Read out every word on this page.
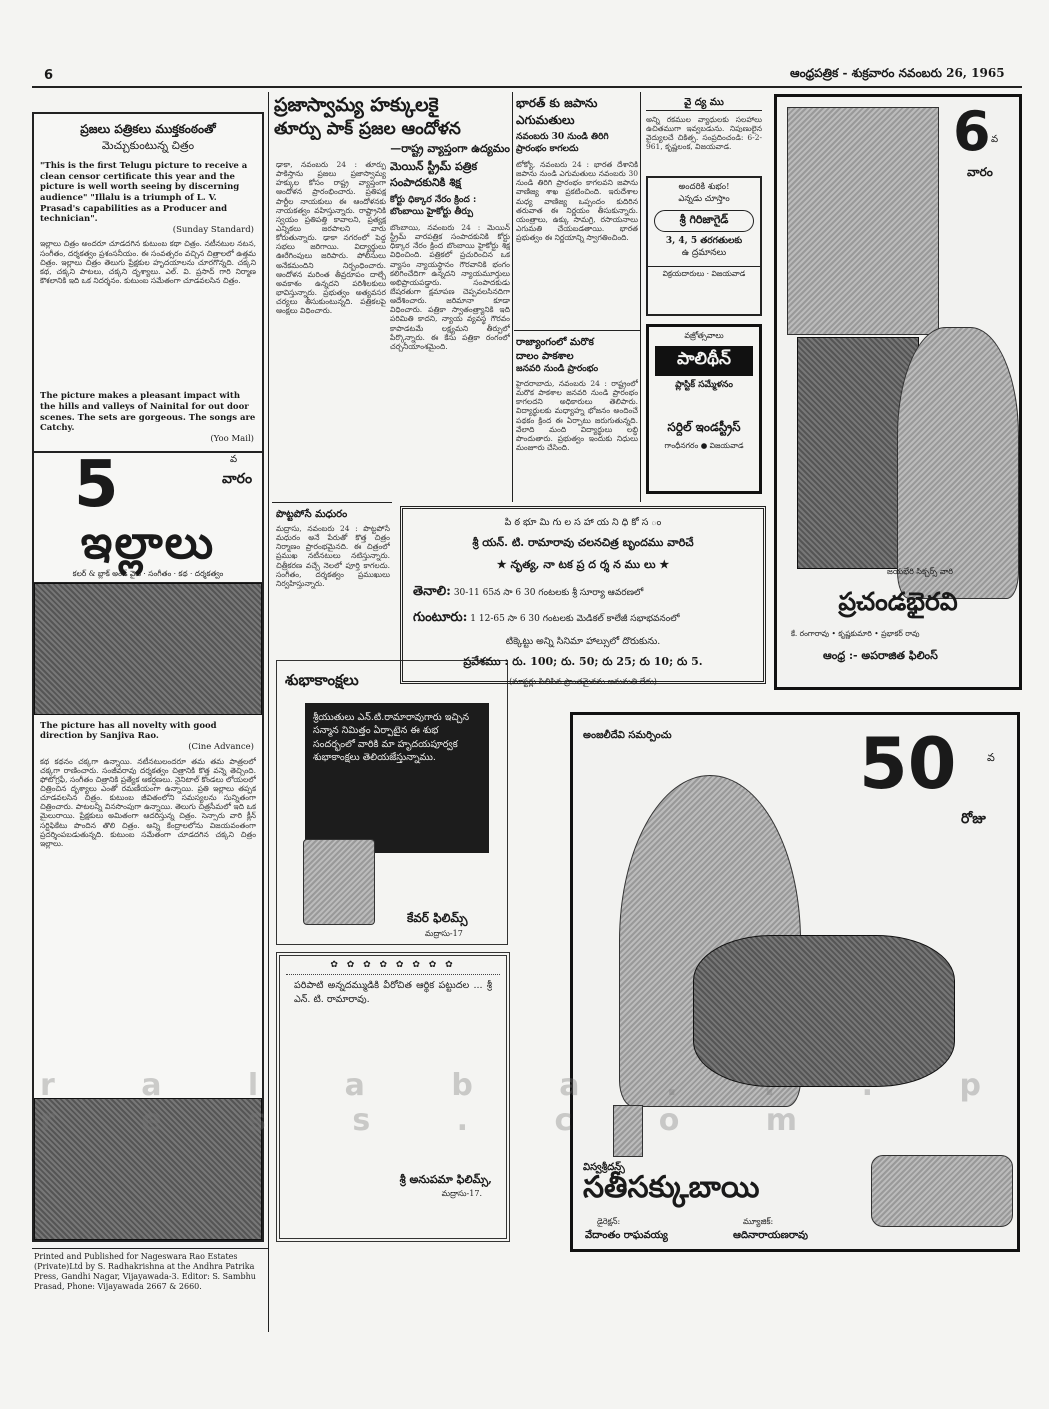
6	ఆంధ్రపత్రిక - శుక్రవారం నవంబరు 26, 1965
ప్రజలు పత్రికలు ముక్తకంఠంతో
మెచ్చుకుంటున్న చిత్రం
"This is the first Telugu picture to receive a clean censor certificate this year and the picture is well worth seeing by discerning audience" "Illalu is a triumph of L. V. Prasad's capabilities as a Producer and technician".
(Sunday Standard)
ఇల్లాలు చిత్రం అందరూ చూడదగిన కుటుంబ కథా చిత్రం. నటీనటుల నటన, సంగీతం, దర్శకత్వం ప్రశంసనీయం. ఈ సంవత్సరం వచ్చిన చిత్రాలలో ఉత్తమ చిత్రం. ఇల్లాలు చిత్రం తెలుగు ప్రేక్షకుల హృదయాలను చూరగొన్నది. చక్కని కథ, చక్కని పాటలు, చక్కని దృశ్యాలు. ఎల్. వి. ప్రసాద్ గారి నిర్మాణ కౌశలానికి ఇది ఒక నిదర్శనం. కుటుంబ సమేతంగా చూడవలసిన చిత్రం.
The picture makes a pleasant impact with the hills and valleys of Nainital for out door scenes. The sets are gorgeous. The songs are Catchy.
(Yoo Mail)
5	వ
వారం
ఇల్లాలు
కలర్ & బ్లాక్ అండ్ వైట్ · సంగీతం · కథ · దర్శకత్వం
The picture has all novelty with good direction by Sanjiva Rao.
(Cine Advance)
కథ కథనం చక్కగా ఉన్నాయి. నటీనటులందరూ తమ తమ పాత్రలలో చక్కగా రాణించారు. సంజీవరావు దర్శకత్వం చిత్రానికి కొత్త వన్నె తెచ్చింది. ఫోటోగ్రఫీ, సంగీతం చిత్రానికి ప్రత్యేక ఆకర్షణలు. నైనిటాల్ కొండలు లోయలలో చిత్రించిన దృశ్యాలు ఎంతో రమణీయంగా ఉన్నాయి. ప్రతి ఇల్లాలు తప్పక చూడవలసిన చిత్రం. కుటుంబ జీవితంలోని సమస్యలను సున్నితంగా చిత్రించారు. పాటలన్నీ వినసొంపుగా ఉన్నాయి. తెలుగు చిత్రసీమలో ఇది ఒక మైలురాయి. ప్రేక్షకులు అమితంగా ఆదరిస్తున్న చిత్రం. సెన్సారు వారి క్లీన్ సర్టిఫికేటు పొందిన తొలి చిత్రం. అన్ని కేంద్రాలలోను విజయవంతంగా ప్రదర్శింపబడుతున్నది. కుటుంబ సమేతంగా చూడదగిన చక్కని చిత్రం ఇల్లాలు.
Printed and Published for Nageswara Rao Estates (Private)Ltd by S. Radhakrishna at the Andhra Patrika Press, Gandhi Nagar, Vijayawada-3. Editor: S. Sambhu Prasad, Phone: Vijayawada 2667 & 2660.
ప్రజాస్వామ్య హక్కులకై
తూర్పు పాక్ ప్రజల ఆందోళన
—రాష్ట్ర వ్యాప్తంగా ఉద్యమం
ఢాకా, నవంబరు 24 : తూర్పు పాకిస్తాను ప్రజలు ప్రజాస్వామ్య హక్కుల కోసం రాష్ట్ర వ్యాప్తంగా ఆందోళన ప్రారంభించారు. ప్రతిపక్ష పార్టీల నాయకులు ఈ ఆందోళనకు నాయకత్వం వహిస్తున్నారు. రాష్ట్రానికి స్వయం ప్రతిపత్తి కావాలని, ప్రత్యక్ష ఎన్నికలు జరపాలని వారు కోరుతున్నారు. ఢాకా నగరంలో పెద్ద సభలు జరిగాయి. విద్యార్థులు ఊరేగింపులు జరిపారు. పోలీసులు అనేకమందిని నిర్బంధించారు. ఆందోళన మరింత తీవ్రరూపం దాల్చే అవకాశం ఉన్నదని పరిశీలకులు భావిస్తున్నారు. ప్రభుత్వం అత్యవసర చర్యలు తీసుకుంటున్నది. పత్రికలపై ఆంక్షలు విధించారు.
మెయిన్ స్ట్రీమ్ పత్రిక
సంపాదకునికి శిక్ష
కోర్టు ధిక్కార నేరం క్రింద :
బొంబాయి హైకోర్టు తీర్పు
బొంబాయి, నవంబరు 24 : మెయిన్ స్ట్రీమ్ వారపత్రిక సంపాదకునికి కోర్టు ధిక్కార నేరం క్రింద బొంబాయి హైకోర్టు శిక్ష విధించింది. పత్రికలో ప్రచురించిన ఒక వ్యాసం న్యాయస్థానం గౌరవానికి భంగం కలిగించేదిగా ఉన్నదని న్యాయమూర్తులు అభిప్రాయపడ్డారు. సంపాదకుడు బేషరతుగా క్షమాపణ చెప్పవలసినదిగా ఆదేశించారు. జరిమానా కూడా విధించారు. పత్రికా స్వాతంత్ర్యానికి ఇది పరిమితి కాదని, న్యాయ వ్యవస్థ గౌరవం కాపాడటమే లక్ష్యమని తీర్పులో పేర్కొన్నారు. ఈ కేసు పత్రికా రంగంలో చర్చనీయాంశమైంది.
పొట్టపోసే మధురం
మద్రాసు, నవంబరు 24 : పొట్టపోసే మధురం అనే పేరుతో కొత్త చిత్రం నిర్మాణం ప్రారంభమైనది. ఈ చిత్రంలో ప్రముఖ నటీనటులు నటిస్తున్నారు. చిత్రీకరణ వచ్చే నెలలో పూర్తి కాగలదు. సంగీతం, దర్శకత్వం ప్రముఖులు నిర్వహిస్తున్నారు.
శుభాకాంక్షలు
శ్రీయుతులు ఎన్.టి.రామారావుగారు ఇచ్చిన సన్మాన నిమిత్తం ఏర్పాటైన ఈ శుభ సందర్భంలో వారికి మా హృదయపూర్వక శుభాకాంక్షలు తెలియజేస్తున్నాము.
కేవర్ ఫిలిమ్స్
మద్రాసు-17
✿ ✿ ✿ ✿ ✿ ✿ ✿ ✿
పరిపాటి అన్నదమ్ముడికి వీరోచిత ఆర్థిక పట్టుదల ... శ్రీ ఎన్. టి. రామారావు.
శ్రీ అనుపమా ఫిలిమ్స్,
మద్రాసు-17.
భారత్ కు జపాను
ఎగుమతులు
నవంబరు 30 నుండి తిరిగి ప్రారంభం కాగలదు
టోక్యో, నవంబరు 24 : భారత దేశానికి జపాను నుండి ఎగుమతులు నవంబరు 30 నుండి తిరిగి ప్రారంభం కాగలవని జపాను వాణిజ్య శాఖ ప్రకటించింది. ఇరుదేశాల మధ్య వాణిజ్య ఒప్పందం కుదిరిన తరువాత ఈ నిర్ణయం తీసుకున్నారు. యంత్రాలు, ఉక్కు సామగ్రి, రసాయనాలు ఎగుమతి చేయబడతాయి. భారత ప్రభుత్వం ఈ నిర్ణయాన్ని స్వాగతించింది.
రాజ్యాంగంలో మరొక
దాలం పాకశాల
జనవరి నుండి ప్రారంభం
హైదరాబాదు, నవంబరు 24 : రాష్ట్రంలో మరొక పాకశాల జనవరి నుండి ప్రారంభం కాగలదని అధికారులు తెలిపారు. విద్యార్థులకు మధ్యాహ్న భోజనం అందించే పథకం క్రింద ఈ ఏర్పాటు జరుగుతున్నది. వేలాది మంది విద్యార్థులు లబ్ధి పొందుతారు. ప్రభుత్వం ఇందుకు నిధులు మంజూరు చేసింది.
వై ద్య ము
అన్ని రకముల వ్యాధులకు సలహాలు ఉచితముగా ఇవ్వబడును. నిపుణులైన వైద్యులచే చికిత్స. సంప్రదించండి: 6-2-961, కృష్ణలంక, విజయవాడ.
అందరికి శుభం!
ఎన్నడు చూస్తాం
శ్రీ గిరిజాగైడ్
3, 4, 5 తరగతులకు
ఉ ద్రమానలు
విక్రయదారులు · విజయవాడ
వజ్రోత్సవాలు
పాలిథీన్
ప్లాస్టిక్ సమ్మేళనం
సర్దిల్ ఇండస్ట్రీస్
గాంధీనగరం ● విజయవాడ
6 వ
వారం
జయభేరి సిక్చర్స్ వారి
ప్రచండభైరవి
కే. రంగారావు • కృష్ణకుమారి • ప్రభాకర్ రావు
ఆంధ్ర :- అపరాజిత ఫిలింస్
పి ఠ భూ మి గు ల స హా య ని ధి కో స ం
శ్రీ యన్. టి. రామారావు చలనచిత్ర బృందము వారిచే
★ నృత్య, నా టక ప్ర ద ర్శ న ము లు ★
తెనాలి: 30-11 65న సా 6 30 గంటలకు శ్రీ సూర్యా ఆవరణలో
గుంటూరు: 1 12-65 సా 6 30 గంటలకు మెడికల్ కాలేజీ సభాభవనంలో
టిక్కెట్టు అన్ని సినిమా హాల్సులో దొరుకును.
ప్రవేశము : రు. 100; రు. 50; రు 25; రు 10; రు 5.
(మాస్టర్లు పిలిపిన ప్రాంతమైనను అనుమతి లేదు)
అంజలీదేవి సమర్పించు	50	వ
రోజు
విస్వశ్రీదన్స్
సతీసక్కుబాయి
డైరెక్షన్:
వేదాంతం రాఘవయ్య
మ్యూజిక్:
ఆదినారాయణరావు
r a l a b a . . . p r e s s . c o m
